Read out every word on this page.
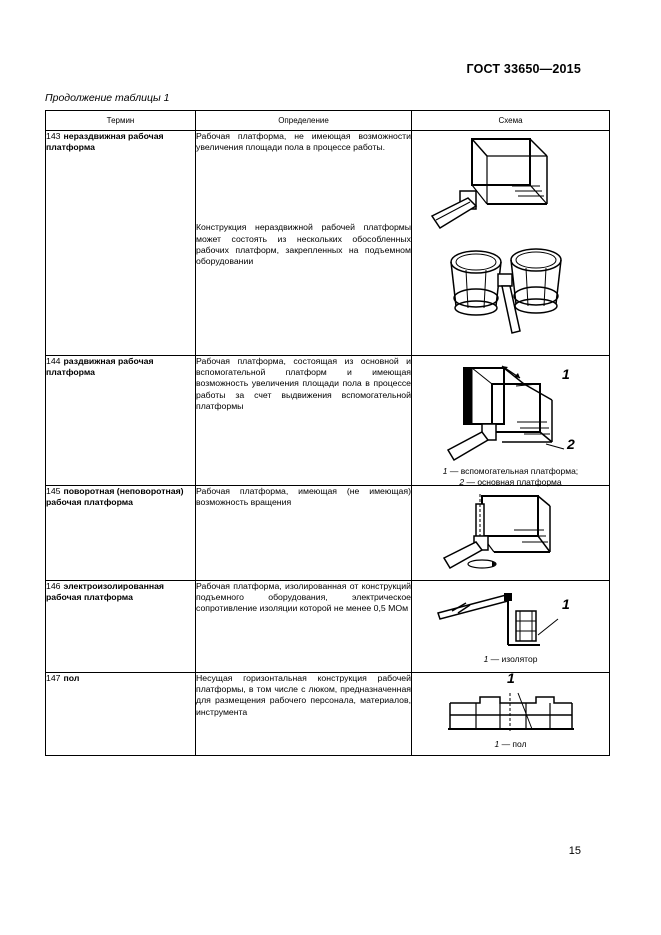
ГОСТ 33650—2015
Продолжение таблицы 1
Термин	Определение	Схема
143 нераздвижная рабочая платформа	Рабочая платформа, не имеющая возможности увеличения площади пола в процессе работы.
Конструкция нераздвижной рабочей платформы может состоять из нескольких обособленных рабочих платформ, закрепленных на подъемном оборудовании

144 раздвижная рабочая платформа	Рабочая платформа, состоящая из основной и вспомогательной платформ и имеющая возможность увеличения площади пола в процессе работы за счет выдвижения вспомогательной платформы	1
2
1 — вспомогательная платформа;
2 — основная платформа

145 поворотная (неповоротная) рабочая платформа	Рабочая платформа, имеющая (не имеющая) возможность вращения

146 электроизолированная рабочая платформа	Рабочая платформа, изолированная от конструкций подъемного оборудования, электрическое сопротивление изоляции которой не менее 0,5 МОм	1
1 — изолятор

147 пол	Несущая горизонтальная конструкция рабочей платформы, в том числе с люком, предназначенная для размещения рабочего персонала, материалов, инструмента	1
1 — пол
15
